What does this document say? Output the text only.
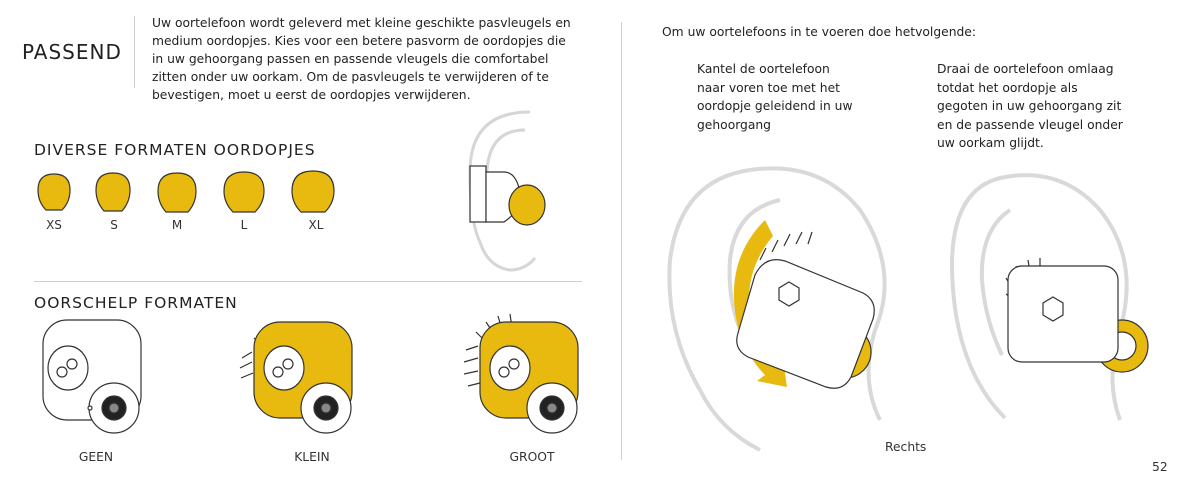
PASSEND
Uw oortelefoon wordt geleverd met kleine geschikte pasvleugels en
medium oordopjes. Kies voor een betere pasvorm de oordopjes die
in uw gehoorgang passen en passende vleugels die comfortabel
zitten onder uw oorkam. Om de pasvleugels te verwijderen of te
bevestigen, moet u eerst de oordopjes verwijderen.
DIVERSE FORMATEN OORDOPJES
XS	S	M	L	XL
OORSCHELP FORMATEN
GEEN	KLEIN	GROOT
Om uw oortelefoons in te voeren doe hetvolgende:
Kantel de oortelefoon
naar voren toe met het
oordopje geleidend in uw
gehoorgang
Draai de oortelefoon omlaag
totdat het oordopje als
gegoten in uw gehoorgang zit
en de passende vleugel onder
uw oorkam glijdt.
Rechts
52
